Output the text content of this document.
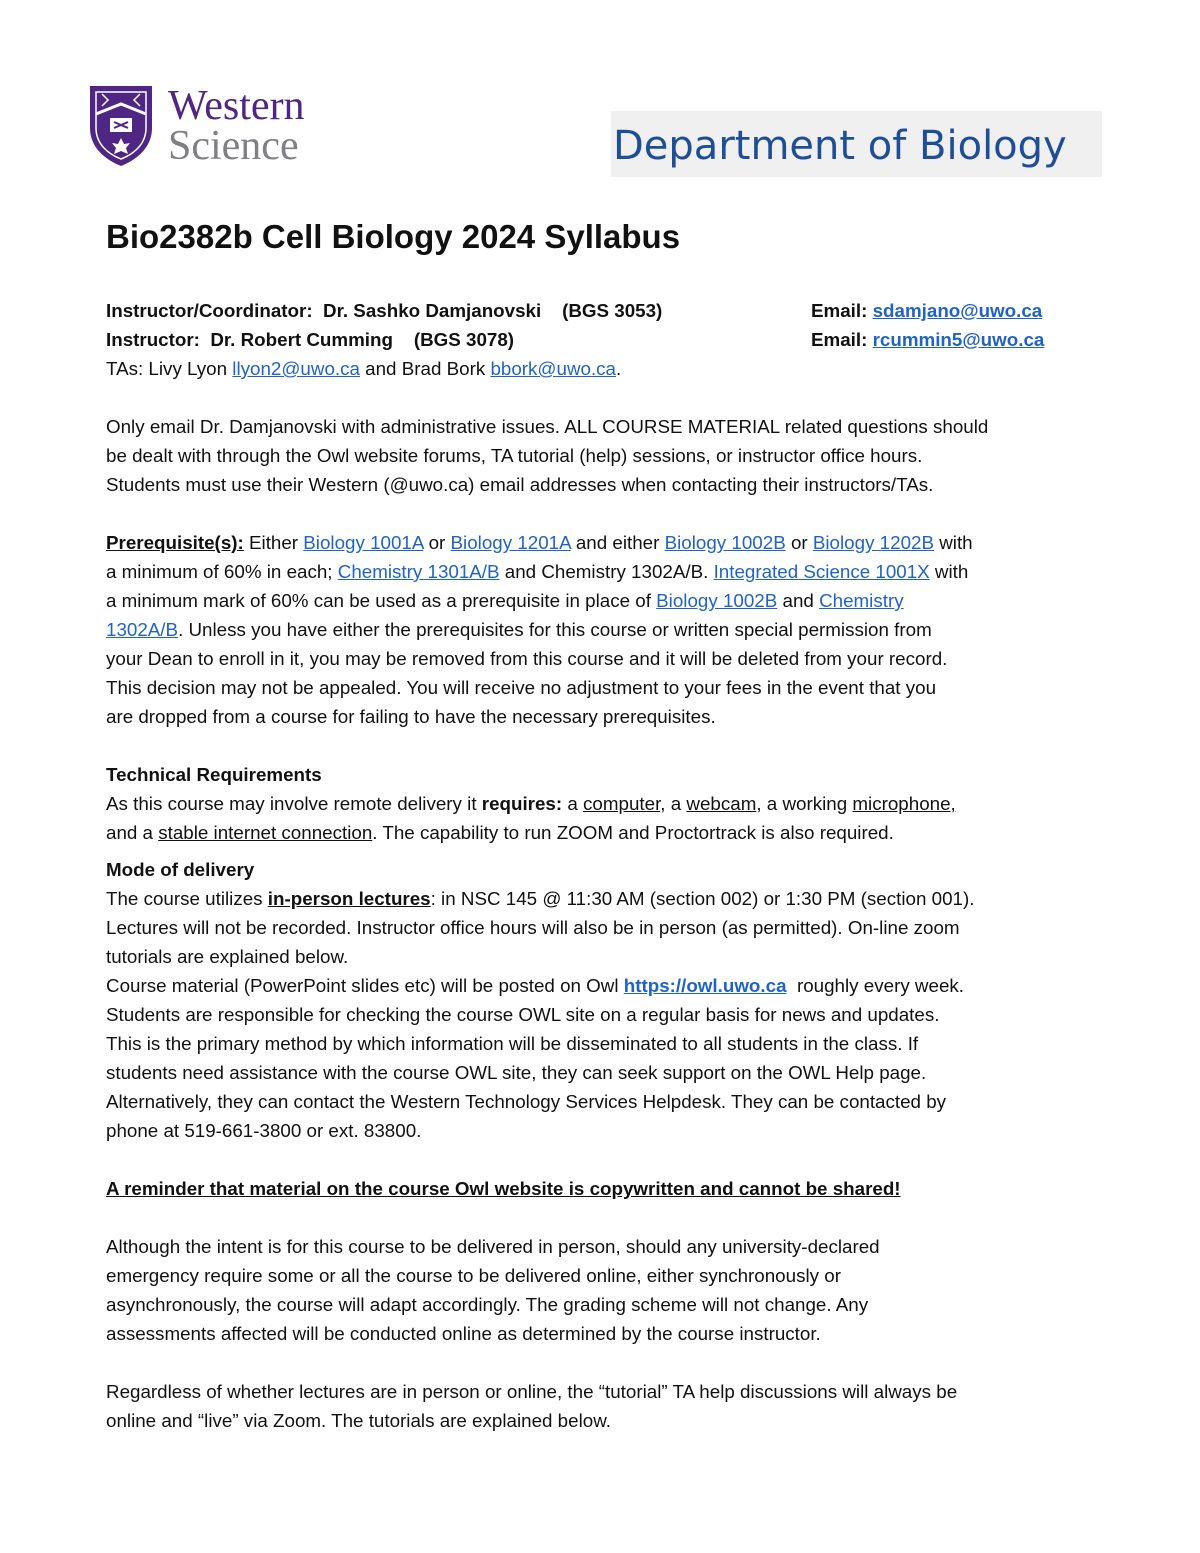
Western
Science	Department of Biology
Bio2382b Cell Biology 2024 Syllabus
Instructor/Coordinator: Dr. Sashko Damjanovski (BGS 3053)	Email: sdamjano@uwo.ca
Instructor: Dr. Robert Cumming (BGS 3078)	Email: rcummin5@uwo.ca

TAs: Livy Lyon llyon2@uwo.ca and Brad Bork bbork@uwo.ca.

Only email Dr. Damjanovski with administrative issues. ALL COURSE MATERIAL related questions should

be dealt with through the Owl website forums, TA tutorial (help) sessions, or instructor office hours.

Students must use their Western (@uwo.ca) email addresses when contacting their instructors/TAs.

Prerequisite(s): Either Biology 1001A or Biology 1201A and either Biology 1002B or Biology 1202B with

a minimum of 60% in each; Chemistry 1301A/B and Chemistry 1302A/B. Integrated Science 1001X with

a minimum mark of 60% can be used as a prerequisite in place of Biology 1002B and Chemistry

1302A/B. Unless you have either the prerequisites for this course or written special permission from

your Dean to enroll in it, you may be removed from this course and it will be deleted from your record.

This decision may not be appealed. You will receive no adjustment to your fees in the event that you

are dropped from a course for failing to have the necessary prerequisites.

Technical Requirements

As this course may involve remote delivery it requires: a computer, a webcam, a working microphone,

and a stable internet connection. The capability to run ZOOM and Proctortrack is also required.

Mode of delivery

The course utilizes in-person lectures: in NSC 145 @ 11:30 AM (section 002) or 1:30 PM (section 001).

Lectures will not be recorded. Instructor office hours will also be in person (as permitted). On-line zoom

tutorials are explained below.

Course material (PowerPoint slides etc) will be posted on Owl https://owl.uwo.ca roughly every week.

Students are responsible for checking the course OWL site on a regular basis for news and updates.

This is the primary method by which information will be disseminated to all students in the class. If

students need assistance with the course OWL site, they can seek support on the OWL Help page.

Alternatively, they can contact the Western Technology Services Helpdesk. They can be contacted by

phone at 519-661-3800 or ext. 83800.

A reminder that material on the course Owl website is copywritten and cannot be shared!

Although the intent is for this course to be delivered in person, should any university-declared

emergency require some or all the course to be delivered online, either synchronously or

asynchronously, the course will adapt accordingly. The grading scheme will not change. Any

assessments affected will be conducted online as determined by the course instructor.

Regardless of whether lectures are in person or online, the “tutorial” TA help discussions will always be

online and “live” via Zoom. The tutorials are explained below.
